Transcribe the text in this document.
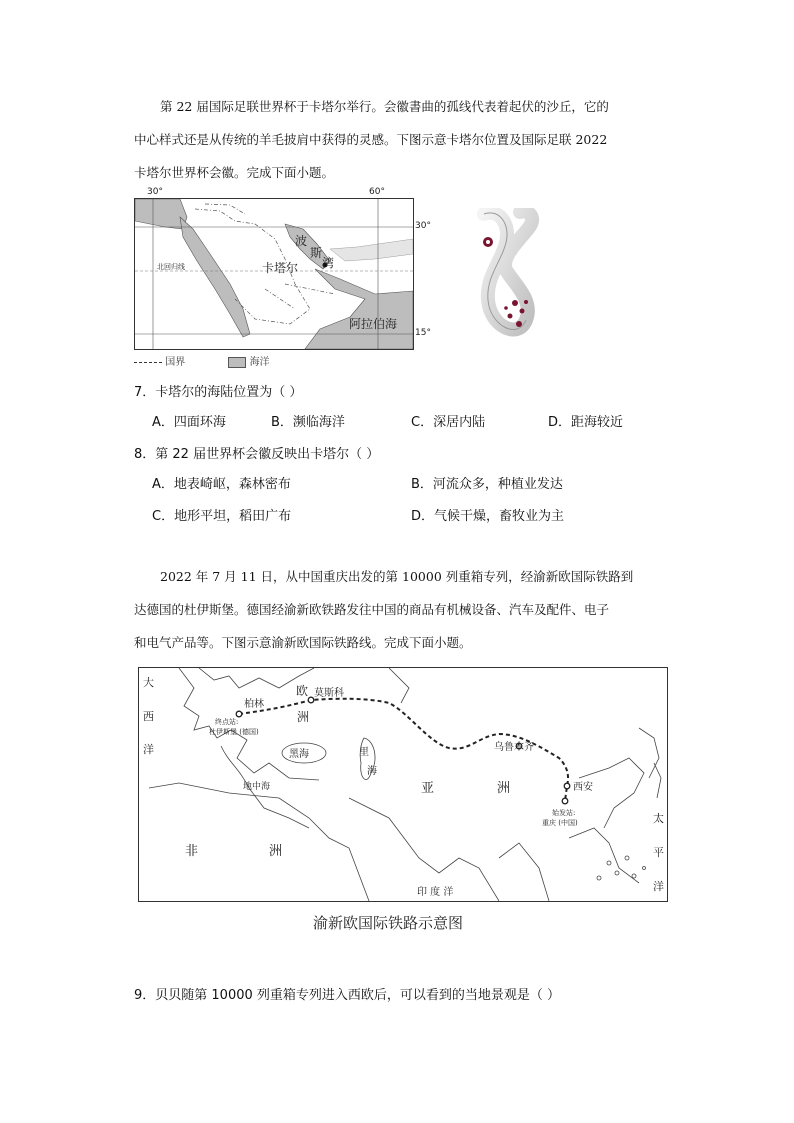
第 22 届国际足联世界杯于卡塔尔举行。会徽書曲的孤线代表着起伏的沙丘，它的
中心样式还是从传统的羊毛披肩中获得的灵感。下图示意卡塔尔位置及国际足联 2022
卡塔尔世界杯会徽。完成下面小题。
北回归线
波
斯
湾
卡塔尔
阿拉伯海
30°	60°
30°
15°
国界	海洋
7．卡塔尔的海陆位置为（ ）
A．四面环海	B．濒临海洋	C．深居内陆	D．距海较近
8．第 22 届世界杯会徽反映出卡塔尔（ ）
A．地表崎岖，森林密布	B．河流众多，种植业发达
C．地形平坦，稻田广布	D．气候干燥，畜牧业为主
2022 年 7 月 11 日，从中国重庆出发的第 10000 列重箱专列，经渝新欧国际铁路到
达德国的杜伊斯堡。德国经渝新欧铁路发往中国的商品有机械设备、汽车及配件、电子
和电气产品等。下图示意渝新欧国际铁路线。完成下面小题。
大
西
洋
欧
洲
柏林
莫斯科
终点站:
杜伊斯堡 (德国)
黑海	里
海
地中海	亚	洲
乌鲁木齐
西安
始发站:
重庆 (中国)
非	洲
印 度 洋
太
平
洋
渝新欧国际铁路示意图
9．贝贝随第 10000 列重箱专列进入西欧后，可以看到的当地景观是（ ）
